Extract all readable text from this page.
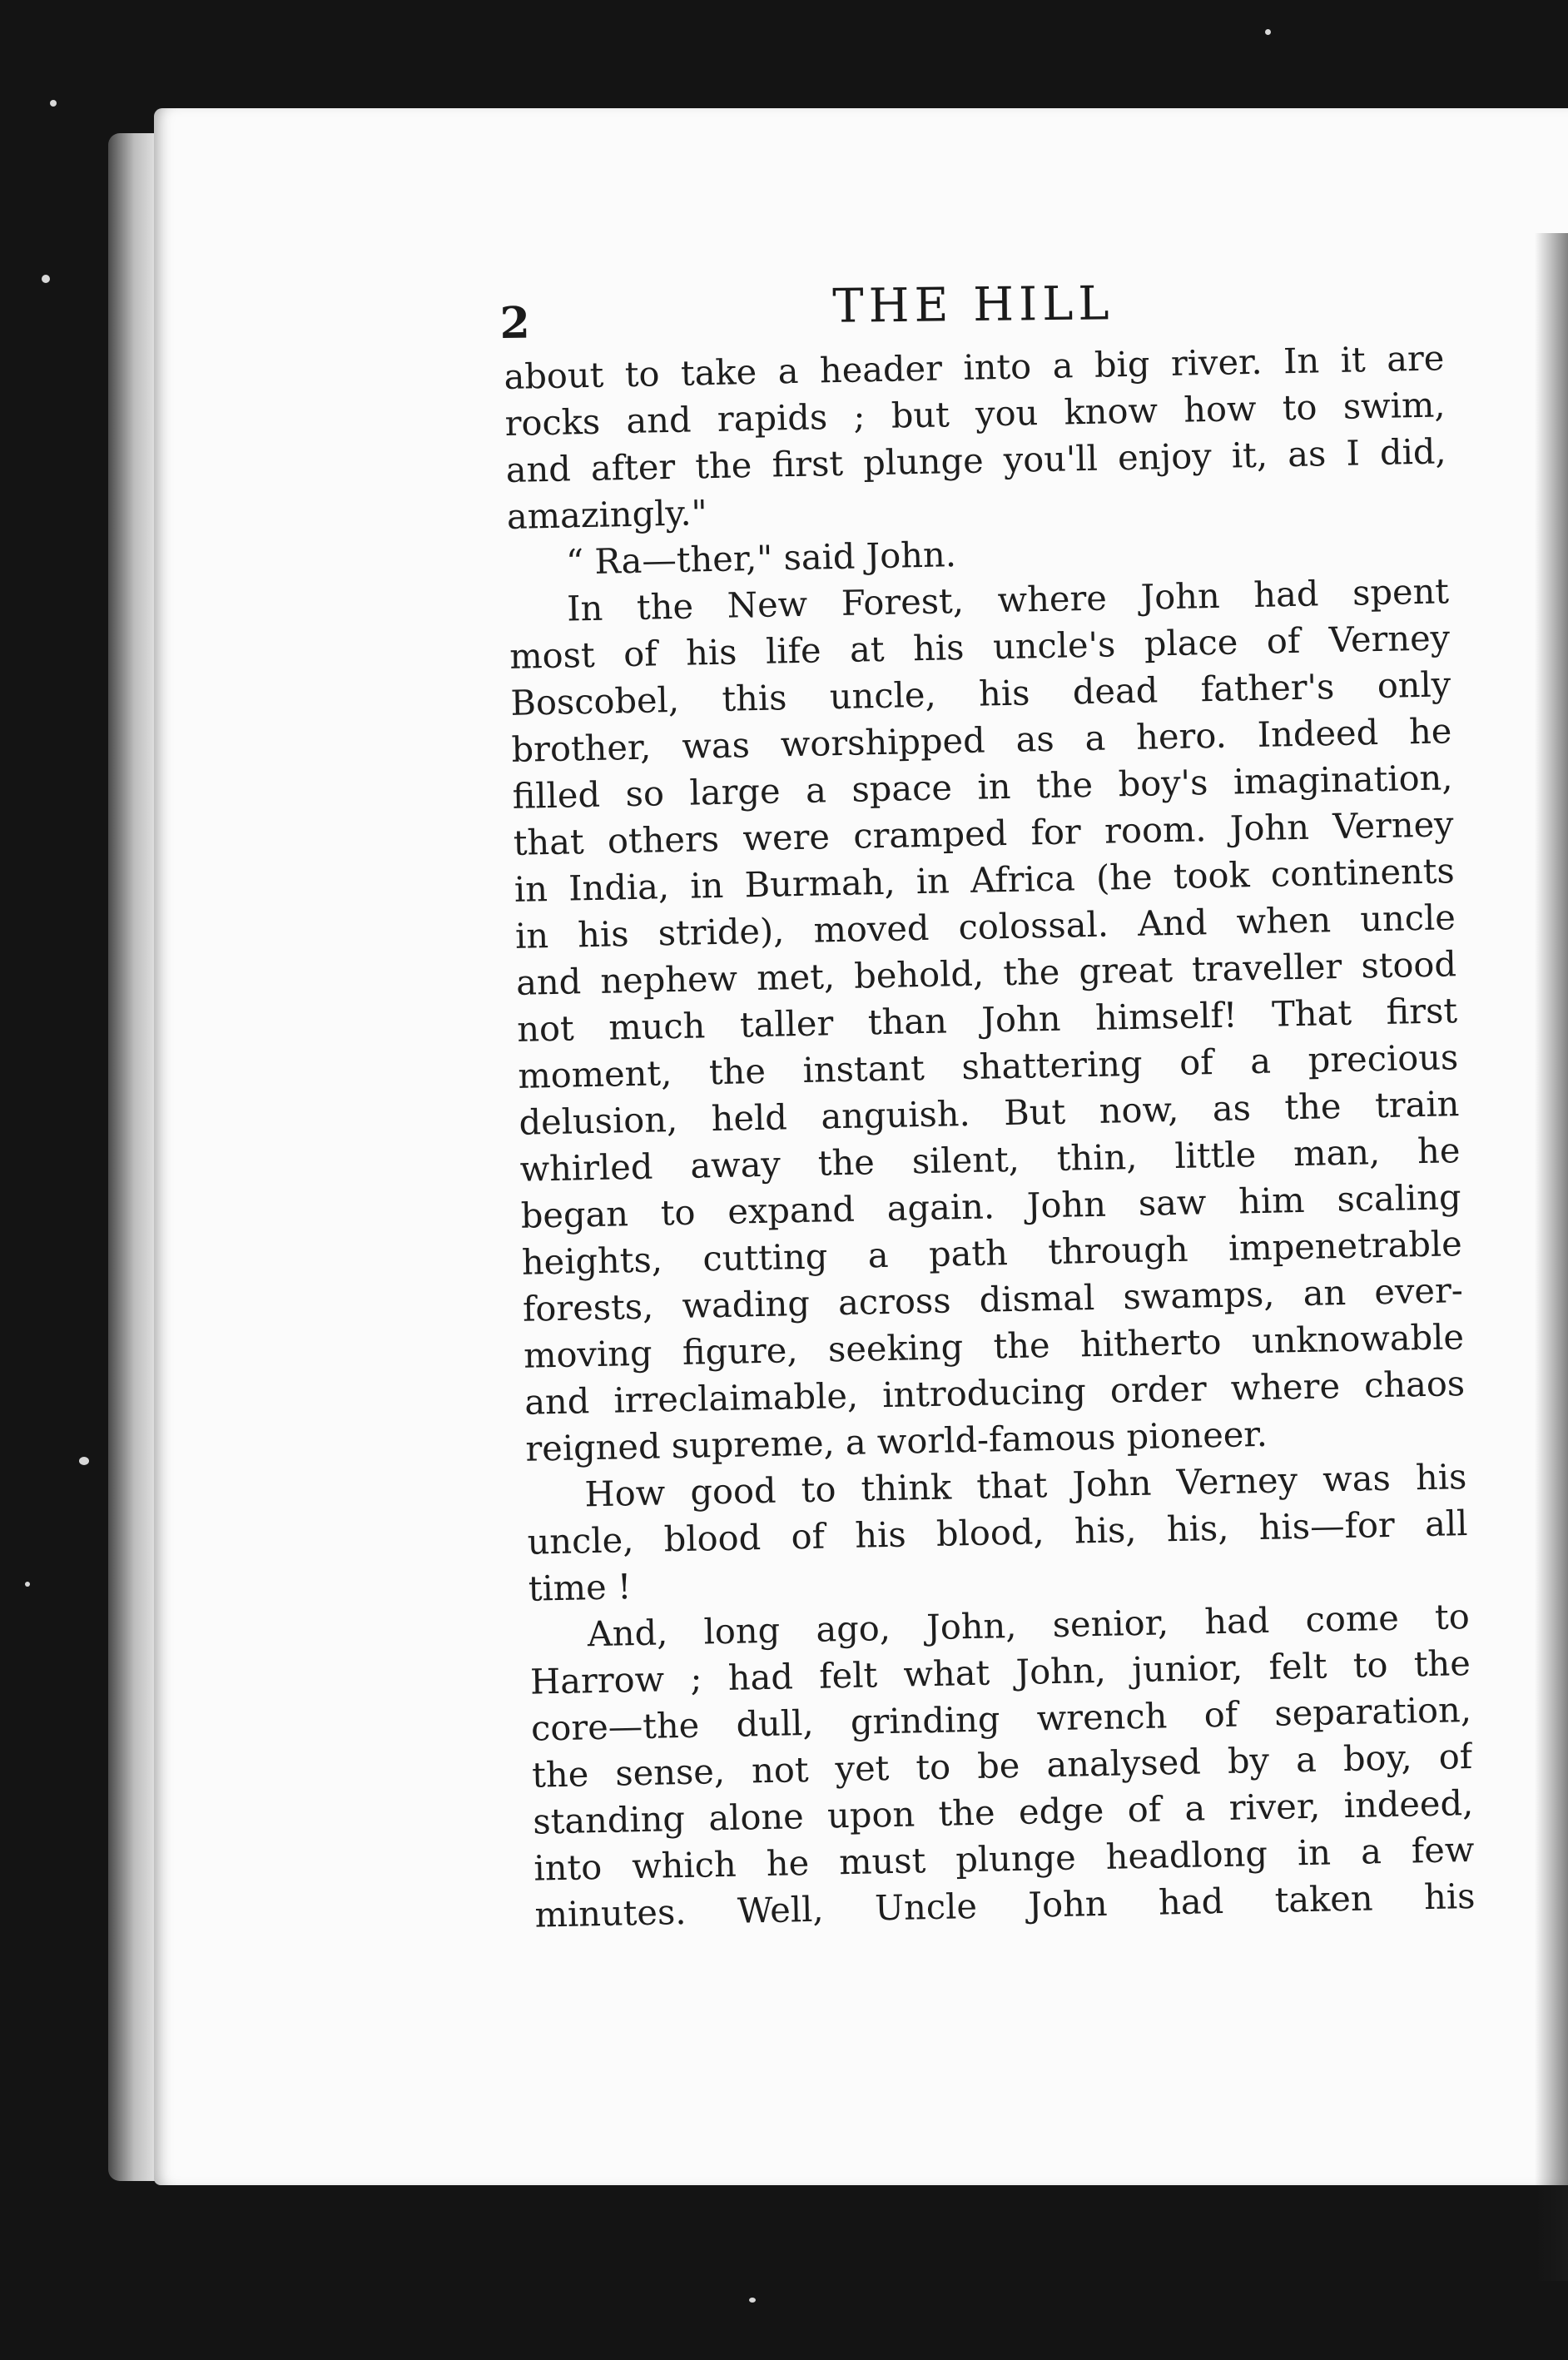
2	THE HILL
about to take a header into a big river. In it are
rocks and rapids ; but you know how to swim,
and after the first plunge you'll enjoy it, as I did,
amazingly."
“ Ra—ther," said John.
In the New Forest, where John had spent
most of his life at his uncle's place of Verney
Boscobel, this uncle, his dead father's only
brother, was worshipped as a hero. Indeed he
filled so large a space in the boy's imagination,
that others were cramped for room. John Verney
in India, in Burmah, in Africa (he took continents
in his stride), moved colossal. And when uncle
and nephew met, behold, the great traveller stood
not much taller than John himself! That first
moment, the instant shattering of a precious
delusion, held anguish. But now, as the train
whirled away the silent, thin, little man, he
began to expand again. John saw him scaling
heights, cutting a path through impenetrable
forests, wading across dismal swamps, an ever-
moving figure, seeking the hitherto unknowable
and irreclaimable, introducing order where chaos
reigned supreme, a world-famous pioneer.
How good to think that John Verney was his
uncle, blood of his blood, his, his, his—for all
time !
And, long ago, John, senior, had come to
Harrow ; had felt what John, junior, felt to the
core—the dull, grinding wrench of separation,
the sense, not yet to be analysed by a boy, of
standing alone upon the edge of a river, indeed,
into which he must plunge headlong in a few
minutes. Well, Uncle John had taken his
